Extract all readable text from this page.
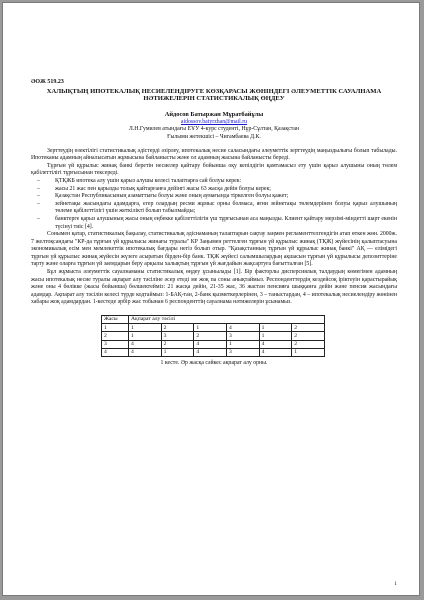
ӘОЖ 519.23
ХАЛЫҚТЫҢ ИПОТЕКАЛЫҚ НЕСИЕЛЕНДІРУГЕ КӨЗҚАРАСЫ ЖӨНІНДЕГІ ӘЛЕУМЕТТІК САУАЛНАМА НӘТИЖЕЛЕРІН СТАТИСТИКАЛЫҚ ӨҢДЕУ
Айдосов Батыржан Мұратбайұлы
aidossov.batyrzhan@mail.ru
Л.Н.Гумилев атындағы ЕҰУ 4-курс студенті, Нұр-Сұлтан, Қазақстан
Ғылыми жетекшісі – Чигамбаева Д.К.

Зерттеудің өзектілігі статистикалық әдістерді әзірлеу, ипотекалық несие саласындағы әлеуметтік зерттеудің маңыздылығы болып табылады. Ипотеканы адамның айналысатын жұмысына байланысты және ол адамның жасына байланысты береді.

Тұрғын үй құрылыс жинақ банкі беретін несиелер қайтару бойынша оқу кепілдігін қамтамасыз ету үшін қарыз алушыны оның төлем қабілеттілігі тұрғысынан тексереді.

–	ҚТҚЖБ ипотека алу үшін қарыз алушы келесі талаптарға сай болуы керек:
–	жасы 21 жас пен қарызды толық қайтарғанға дейінгі жасы 63 жасқа дейін болуы керек;
–	Қазақстан Республикасының азаматтығы болуы және оның аумағында тіркелген болуы қажет;
–	зейнетақы жасындағы адамдарға, егер олардың ресми жұмыс орны болмаса, яғни зейнетақы төлемдерінен болуы қарыз алушының төлеме қабілеттілігі үшін жеткілікті болып табылмайды;
–	банктерге қарыз алушының жасы оның еңбекке қабілеттілігін үш тұрғысынан аса маңызды. Клиент қайтару мерзімі-міндетті шарт екенін түсінуі тиіс [4].

Сонымен қатар, статистикалық бақылау, статистикалық әдіснаманың талаптарын сақтау заңмен регламенттелгендігін атап өткен жөн. 2000ж. 7 желтоқсандағы "КР-да тұрғын үй құрылысы жинағы туралы" КР Заңымен реттелген тұрғын үй құрылыс жинақ (ТҚЖ) жүйесінің қалыптасуына экономикалық есім мен мемлекеттік ипотекалық бағдары негіз болып отыр. "Қазақстанның тұрғын үй құрылыс жинақ банкі" АҚ — елімідегі тұрғын үй құрылыс жинақ жүйесін жүзеге асыратын бірден-бір банк. ТҚЖ жүйесі салымшылардың ақшасын тұрғын үй құрылысы депозиттеріне тарту және оларға тұрғын үй заемдарын беру арқылы халықтың тұрғын үй жағдайын жақсартуға бағытталған [5].

Бұл жұмыста әлеуметтік сауалнаманы статистикалық өңдеу ұсынылады [1]. Бір факторлы дисперсиялық талдаудың көмегімен адамның жасы ипотекалық несие туралы ақпарат алу тәсіліне әсер етеді ме жоқ па соны анықтаймыз. Респонденттердің кездейсоқ іріктеуін қарастырайық және оны 4 бөлікке (жасы бойынша) бөлшектейміз: 21 жасқа дейін, 21-35 жас, 36 жастан пенсияға шыққанға дейін және пенсия жасындағы адамдар. Ақпарат алу тәсілін келесі түрде кодтаймыз: 1-БАҚ-тан, 2-банк қызметкерлерінен, 3 – таныстардан, 4 – ипотекалық несиелендіру жөнінен хабары жоқ адамдардан. 1-кестеде әрбір жас тобынан 6 респонденттің сауалнама нәтижелерін ұсынамыз.

Жасы	Ақпарат алу тәсілі					
1	1	2	1	4	1	2
2	1	3	2	3	1	2
3	4	2	4	1	4	2
4	4	1	4	3	4	1
1 кесте. Әр жасқа сәйкес ақпарат алу орны.
1
